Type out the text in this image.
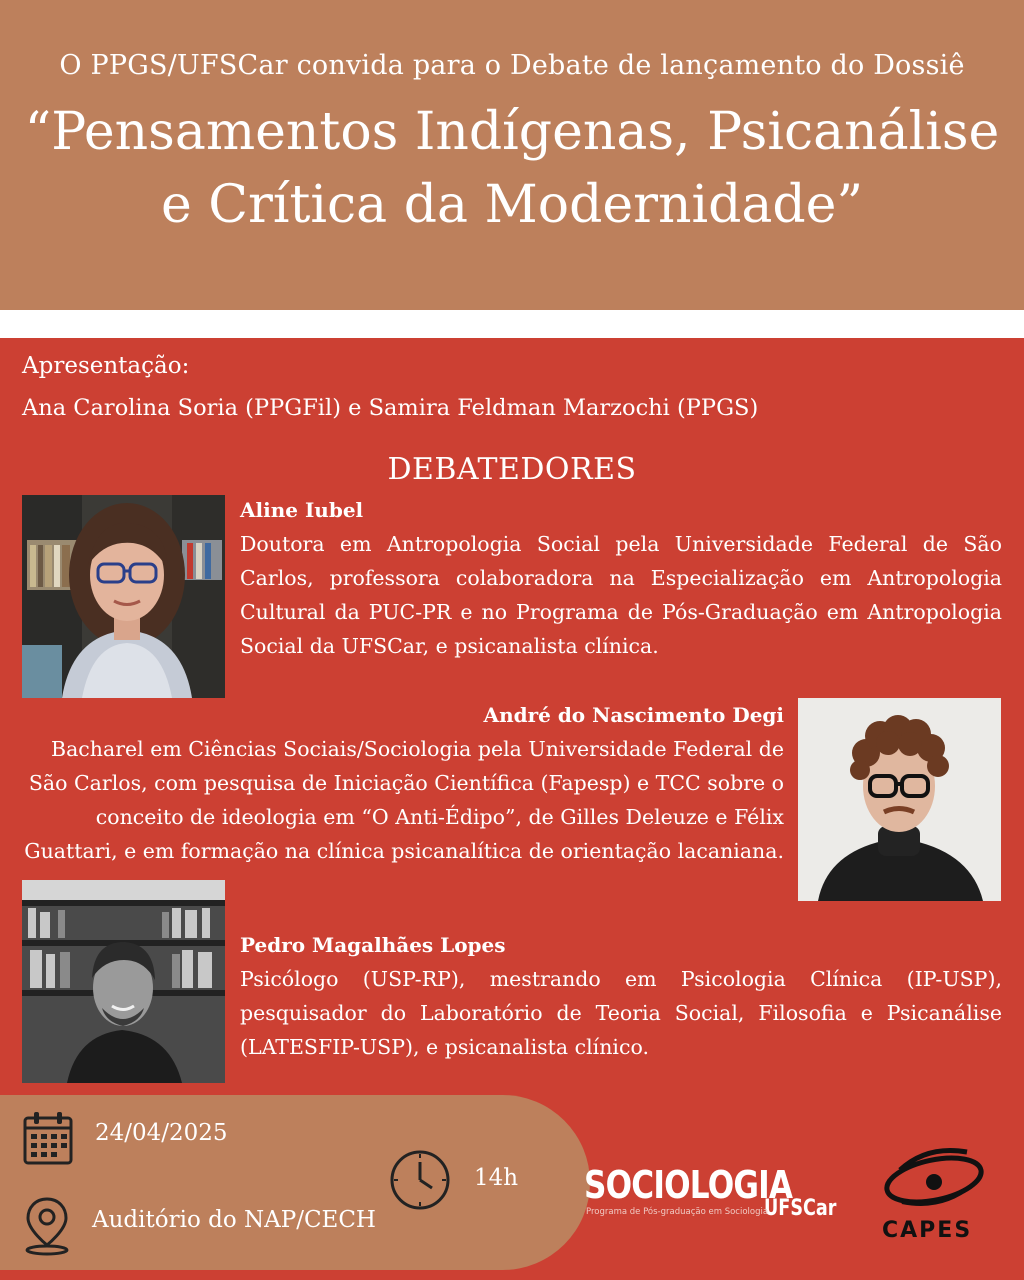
O PPGS/UFSCar convida para o Debate de lançamento do Dossiê
“Pensamentos Indígenas, Psicanálise
e Crítica da Modernidade”
Apresentação:
Ana Carolina Soria (PPGFil) e Samira Feldman Marzochi (PPGS)
DEBATEDORES
Aline Iubel
Doutora em Antropologia Social pela Universidade Federal de São Carlos, professora colaboradora na Especialização em Antropologia Cultural da PUC-PR e no Programa de Pós-Graduação em Antropologia Social da UFSCar, e psicanalista clínica.
André do Nascimento Degi
Bacharel em Ciências Sociais/Sociologia pela Universidade Federal de São Carlos, com pesquisa de Iniciação Científica (Fapesp) e TCC sobre o conceito de ideologia em “O Anti-Édipo”, de Gilles Deleuze e Félix Guattari, e em formação na clínica psicanalítica de orientação lacaniana.
Pedro Magalhães Lopes
Psicólogo (USP-RP), mestrando em Psicologia Clínica (IP-USP), pesquisador do Laboratório de Teoria Social, Filosofia e Psicanálise (LATESFIP-USP), e psicanalista clínico.
24/04/2025
Auditório do NAP/CECH
14h SOCIOLOGIA
UFSCar
Programa de Pós-graduação em Sociologia
CAPES
